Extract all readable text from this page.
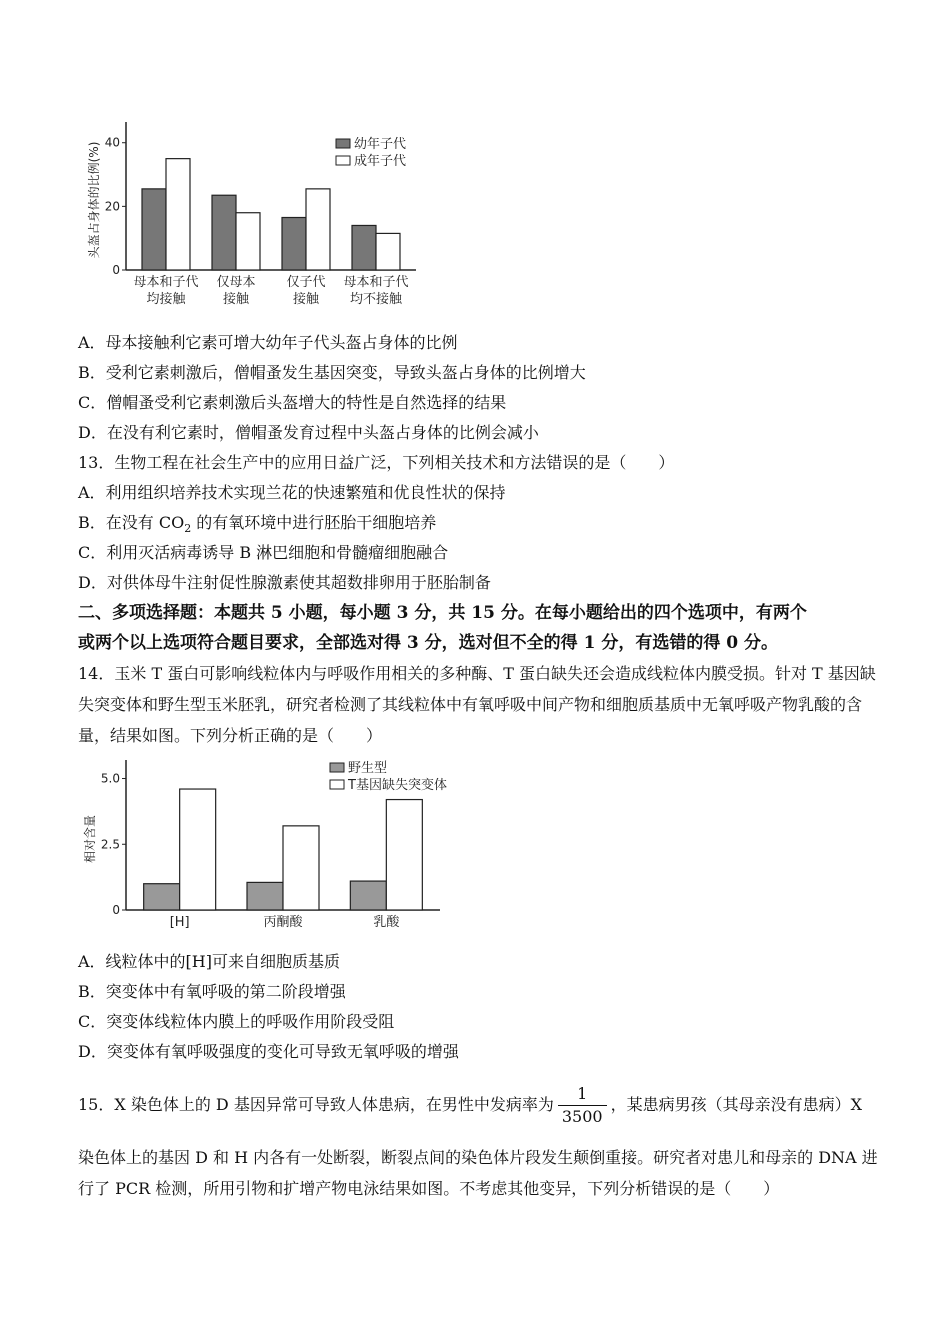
0
20
40
头盔占身体的比例(%)
母本和子代
均接触
仅母本
接触
仅子代
接触
母本和子代
均不接触
幼年子代
成年子代
A．母本接触利它素可增大幼年子代头盔占身体的比例
B．受利它素刺激后，僧帽蚤发生基因突变，导致头盔占身体的比例增大
C．僧帽蚤受利它素刺激后头盔增大的特性是自然选择的结果
D．在没有利它素时，僧帽蚤发育过程中头盔占身体的比例会减小
13．生物工程在社会生产中的应用日益广泛，下列相关技术和方法错误的是（　　）
A．利用组织培养技术实现兰花的快速繁殖和优良性状的保持
B．在没有 $CO_2$ 的有氧环境中进行胚胎干细胞培养
C．利用灭活病毒诱导 B 淋巴细胞和骨髓瘤细胞融合
D．对供体母牛注射促性腺激素使其超数排卵用于胚胎制备
二、多项选择题：本题共 5 小题，每小题 3 分，共 15 分。在每小题给出的四个选项中，有两个
或两个以上选项符合题目要求，全部选对得 3 分，选对但不全的得 1 分，有选错的得 0 分。
14．玉米 T 蛋白可影响线粒体内与呼吸作用相关的多种酶、T 蛋白缺失还会造成线粒体内膜受损。针对 T 基因缺失突变体和野生型玉米胚乳，研究者检测了其线粒体中有氧呼吸中间产物和细胞质基质中无氧呼吸产物乳酸的含量，结果如图。下列分析正确的是（　　）
0
2.5
5.0
相对含量
[H]	丙酮酸	乳酸
野生型
T基因缺失突变体
A．线粒体中的[H]可来自细胞质基质
B．突变体中有氧呼吸的第二阶段增强
C．突变体线粒体内膜上的呼吸作用阶段受阻
D．突变体有氧呼吸强度的变化可导致无氧呼吸的增强
15．X 染色体上的 D 基因异常可导致人体患病，在男性中发病率为 $\frac{1}{3500}$ ，某患病男孩（其母亲没有患病）X
染色体上的基因 D 和 H 内各有一处断裂，断裂点间的染色体片段发生颠倒重接。研究者对患儿和母亲的 DNA 进行了 PCR 检测，所用引物和扩增产物电泳结果如图。不考虑其他变异，下列分析错误的是（　　）
